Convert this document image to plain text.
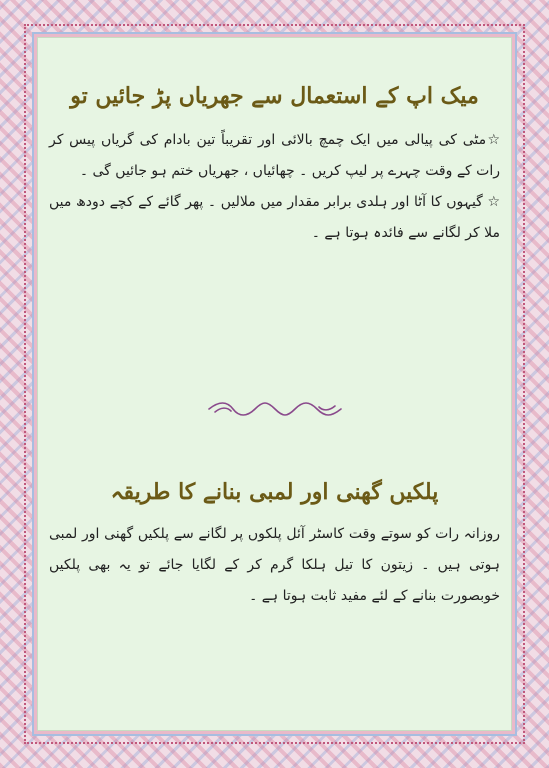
میک اپ کے استعمال سے جھریاں پڑ جائیں تو

☆مٹی کی پیالی میں ایک چمچ بالائی اور تقریباً تین بادام کی گریاں پیس کر رات کے وقت چہرے پر لیپ کریں ۔ چھائیاں ، جھریاں ختم ہو جائیں گی ۔

☆ گیہوں کا آٹا اور ہلدی برابر مقدار میں ملالیں ۔ پھر گائے کے کچے دودھ میں ملا کر لگانے سے فائدہ ہوتا ہے ۔

پلکیں گھنی اور لمبی بنانے کا طریقہ

روزانہ رات کو سوتے وقت کاسٹر آئل پلکوں پر لگانے سے پلکیں گھنی اور لمبی ہوتی ہیں ۔ زیتون کا تیل ہلکا گرم کر کے لگایا جائے تو یہ بھی پلکیں خوبصورت بنانے کے لئے مفید ثابت ہوتا ہے ۔
